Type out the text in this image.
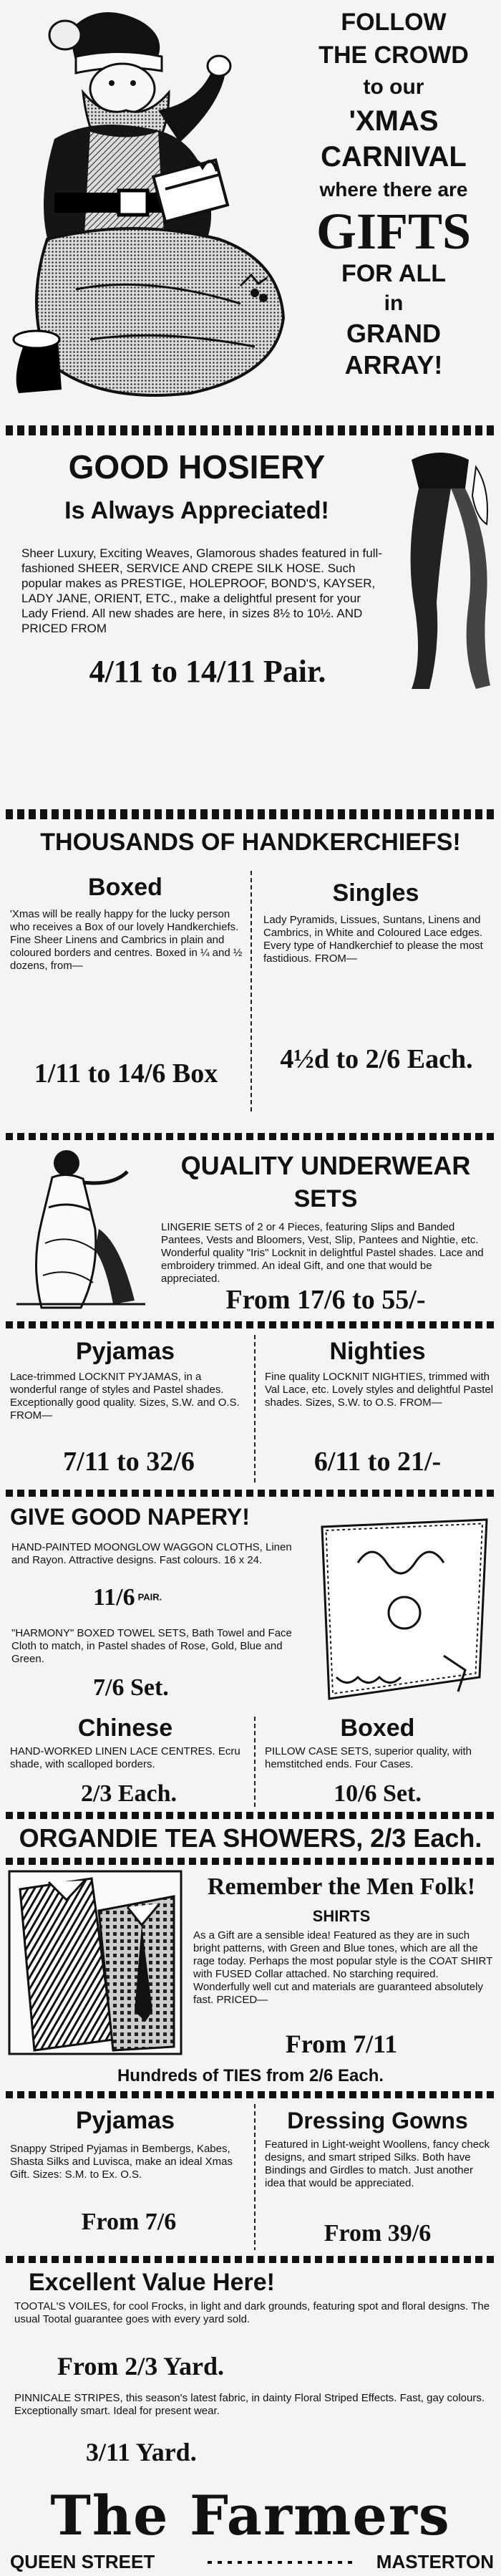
FOLLOW
THE CROWD
to our
'XMAS
CARNIVAL
where there are
GIFTS
FOR ALL
in
GRAND
ARRAY!
GOOD HOSIERY
Is Always Appreciated!
Sheer Luxury, Exciting Weaves, Glamorous shades featured in full-fashioned SHEER, SERVICE AND CREPE SILK HOSE. Such popular makes as PRESTIGE, HOLEPROOF, BOND'S, KAYSER, LADY JANE, ORIENT, ETC., make a delightful present for your Lady Friend. All new shades are here, in sizes 8½ to 10½. AND PRICED FROM
4/11 to 14/11 Pair.
THOUSANDS OF HANDKERCHIEFS!
Boxed
'Xmas will be really happy for the lucky person who receives a Box of our lovely Handkerchiefs. Fine Sheer Linens and Cambrics in plain and coloured borders and centres. Boxed in ¼ and ½ dozens, from—
1/11 to 14/6 Box
Singles
Lady Pyramids, Lissues, Suntans, Linens and Cambrics, in White and Coloured Lace edges. Every type of Handkerchief to please the most fastidious. FROM—
4½d to 2/6 Each.
QUALITY UNDERWEAR
SETS
LINGERIE SETS of 2 or 4 Pieces, featuring Slips and Banded Pantees, Vests and Bloomers, Vest, Slip, Pantees and Nightie, etc. Wonderful quality "Iris" Locknit in delightful Pastel shades. Lace and embroidery trimmed. An ideal Gift, and one that would be appreciated.
From 17/6 to 55/-
Pyjamas
Lace-trimmed LOCKNIT PYJAMAS, in a wonderful range of styles and Pastel shades. Exceptionally good quality. Sizes, S.W. and O.S. FROM—
7/11 to 32/6
Nighties
Fine quality LOCKNIT NIGHTIES, trimmed with Val Lace, etc. Lovely styles and delightful Pastel shades. Sizes, S.W. to O.S. FROM—
6/11 to 21/-
GIVE GOOD NAPERY!
HAND-PAINTED MOONGLOW WAGGON CLOTHS, Linen and Rayon. Attractive designs. Fast colours. 16 x 24.
11/6 $^{PAIR.}$
"HARMONY" BOXED TOWEL SETS, Bath Towel and Face Cloth to match, in Pastel shades of Rose, Gold, Blue and Green.
7/6 Set.
Chinese
HAND-WORKED LINEN LACE CENTRES. Ecru shade, with scalloped borders.
2/3 Each.
Boxed
PILLOW CASE SETS, superior quality, with hemstitched ends. Four Cases.
10/6 Set.
ORGANDIE TEA SHOWERS, 2/3 Each.
Remember the Men Folk!
SHIRTS
As a Gift are a sensible idea! Featured as they are in such bright patterns, with Green and Blue tones, which are all the rage today. Perhaps the most popular style is the COAT SHIRT with FUSED Collar attached. No starching required. Wonderfully well cut and materials are guaranteed absolutely fast. PRICED—
From 7/11
Hundreds of TIES from 2/6 Each.
Pyjamas
Snappy Striped Pyjamas in Bembergs, Kabes, Shasta Silks and Luvisca, make an ideal Xmas Gift. Sizes: S.M. to Ex. O.S.
From 7/6
Dressing Gowns
Featured in Light-weight Woollens, fancy check designs, and smart striped Silks. Both have Bindings and Girdles to match. Just another idea that would be appreciated.
From 39/6
Excellent Value Here!
TOOTAL'S VOILES, for cool Frocks, in light and dark grounds, featuring spot and floral designs. The usual Tootal guarantee goes with every yard sold.
From 2/3 Yard.
PINNICALE STRIPES, this season's latest fabric, in dainty Floral Striped Effects. Fast, gay colours. Exceptionally smart. Ideal for present wear.
3/11 Yard.
The Farmers
QUEEN STREET	MASTERTON
